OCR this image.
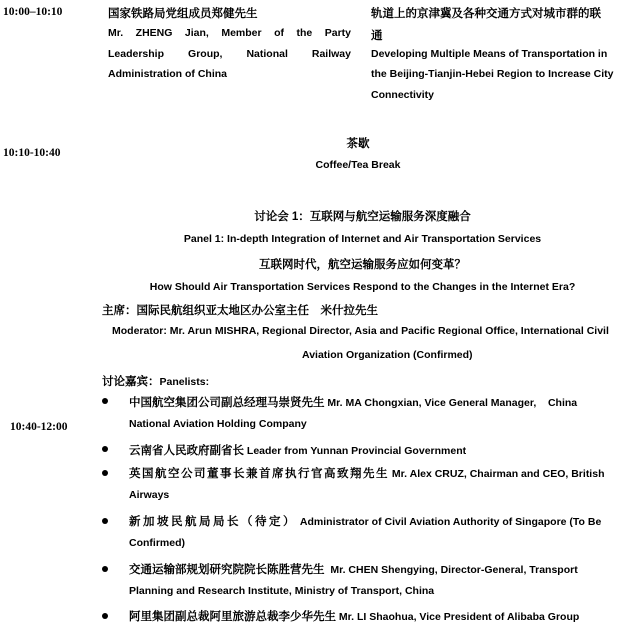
10:00–10:10	国家铁路局党组成员郑健先生
Mr. ZHENG Jian, Member of the Party
Leadership Group, National Railway
Administration of China
轨道上的京津冀及各种交通方式对城市群的联
通
Developing Multiple Means of Transportation in
the Beijing-Tianjin-Hebei Region to Increase City
Connectivity
10:10-10:40
茶歇
Coffee/Tea Break
讨论会 1：互联网与航空运输服务深度融合
Panel 1: In-depth Integration of Internet and Air Transportation Services
互联网时代，航空运输服务应如何变革？
How Should Air Transportation Services Respond to the Changes in the Internet Era?
主席：国际民航组织亚太地区办公室主任　米什拉先生
Moderator: Mr. Arun MISHRA, Regional Director, Asia and Pacific Regional Office, International Civil
Aviation Organization (Confirmed)
讨论嘉宾：Panelists:
10:40-12:00
中国航空集团公司副总经理马崇贤先生 Mr. MA Chongxian, Vice General Manager,    China
National Aviation Holding Company
云南省人民政府副省长 Leader from Yunnan Provincial Government
英国航空公司董事长兼首席执行官高致翔先生 Mr. Alex CRUZ, Chairman and CEO, British
Airways
新加坡民航局局长（待定） Administrator of Civil Aviation Authority of Singapore (To Be
Confirmed)
交通运输部规划研究院院长陈胜营先生  Mr. CHEN Shengying, Director-General, Transport
Planning and Research Institute, Ministry of Transport, China
阿里集团副总裁阿里旅游总裁李少华先生 Mr. LI Shaohua, Vice President of Alibaba Group
